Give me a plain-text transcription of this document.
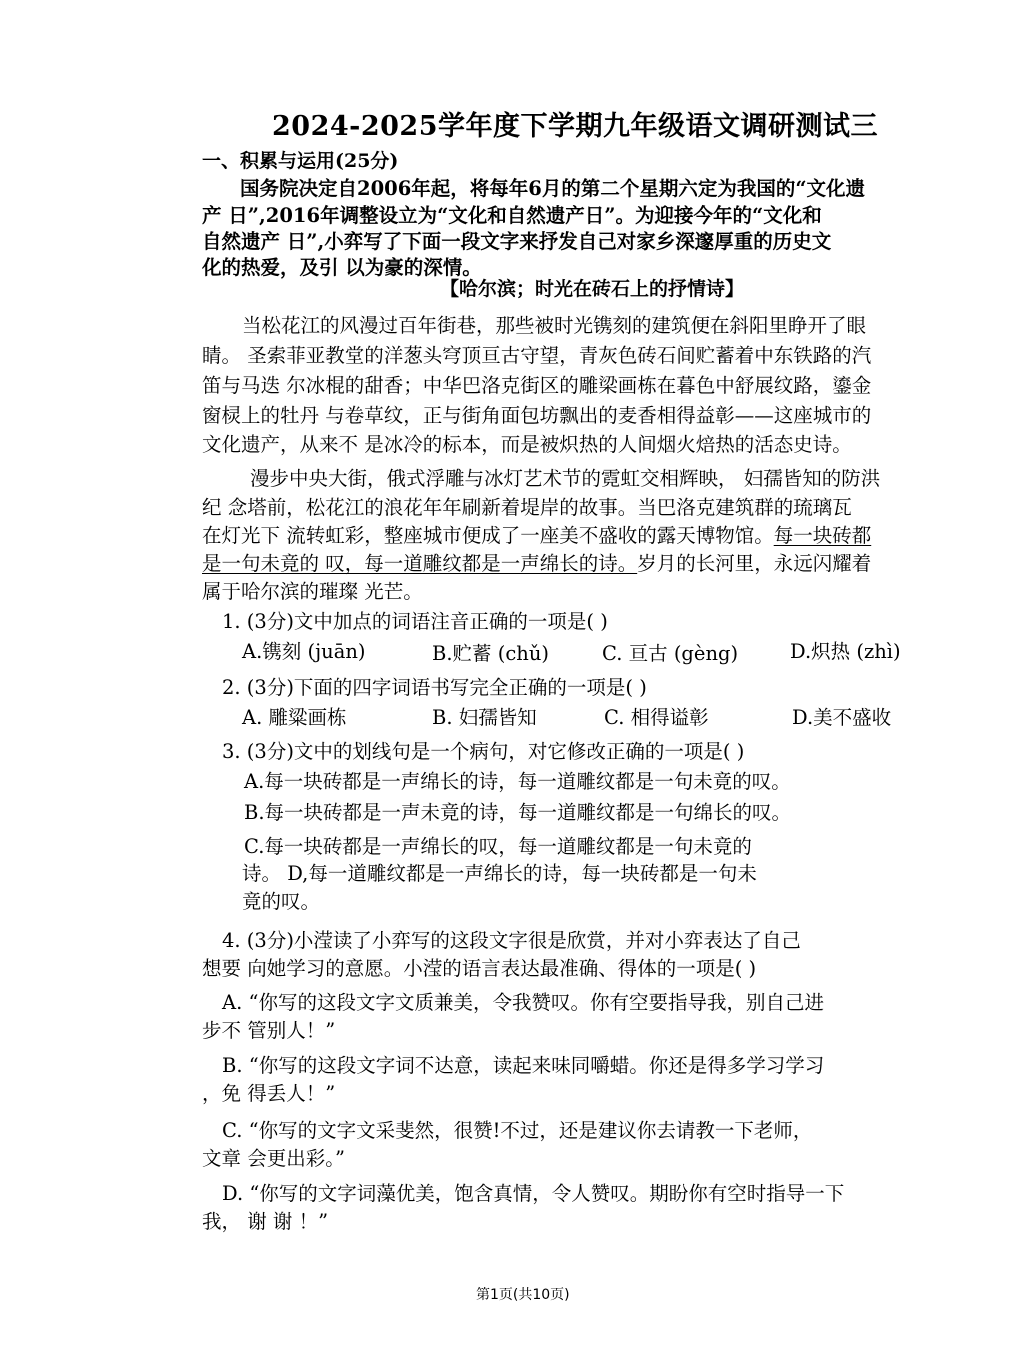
2024-2025学年度下学期九年级语文调研测试三
一、积累与运用(25分)
国务院决定自2006年起，将每年6月的第二个星期六定为我国的“文化遗
产 日”,2016年调整设立为“文化和自然遗产日”。为迎接今年的“文化和
自然遗产 日”,小弈写了下面一段文字来抒发自己对家乡深邃厚重的历史文
化的热爱，及引 以为豪的深情。
【哈尔滨；时光在砖石上的抒情诗】
当松花江的风漫过百年街巷，那些被时光镌刻的建筑便在斜阳里睁开了眼
睛。 圣索菲亚教堂的洋葱头穹顶亘古守望，青灰色砖石间贮蓄着中东铁路的汽
笛与马迭 尔冰棍的甜香；中华巴洛克街区的雕梁画栋在暮色中舒展纹路，鎏金
窗棂上的牡丹 与卷草纹，正与街角面包坊飘出的麦香相得益彰——这座城市的
文化遗产，从来不 是冰冷的标本，而是被炽热的人间烟火焙热的活态史诗。
漫步中央大街，俄式浮雕与冰灯艺术节的霓虹交相辉映， 妇孺皆知的防洪
纪 念塔前，松花江的浪花年年刷新着堤岸的故事。当巴洛克建筑群的琉璃瓦
在灯光下 流转虹彩，整座城市便成了一座美不盛收的露天博物馆。每一块砖都
是一句未竟的 叹，每一道雕纹都是一声绵长的诗。岁月的长河里，永远闪耀着
属于哈尔滨的璀璨 光芒。
1. (3分)文中加点的词语注音正确的一项是( )
A.镌刻 (juān)	B.贮蓄 (chǔ)	C. 亘古 (gèng)	D.炽热 (zhì)
2. (3分)下面的四字词语书写完全正确的一项是( )
A. 雕粱画栋	B. 妇孺皆知	C. 相得谥彰	D.美不盛收
3. (3分)文中的划线句是一个病句，对它修改正确的一项是( )
A.每一块砖都是一声绵长的诗，每一道雕纹都是一句未竟的叹。
B.每一块砖都是一声未竟的诗，每一道雕纹都是一句绵长的叹。
C.每一块砖都是一声绵长的叹，每一道雕纹都是一句未竟的
诗。 D,每一道雕纹都是一声绵长的诗，每一块砖都是一句未
竟的叹。
4. (3分)小滢读了小弈写的这段文字很是欣赏，并对小弈表达了自己
想要 向她学习的意愿。小滢的语言表达最准确、得体的一项是( )
A. “你写的这段文字文质兼美，令我赞叹。你有空要指导我，别自己进
步不 管别人！”
B. “你写的这段文字词不达意，读起来味同嚼蜡。你还是得多学习学习
，免 得丢人！”
C. “你写的文字文采斐然，很赞!不过，还是建议你去请教一下老师，
文章 会更出彩。”
D. “你写的文字词藻优美，饱含真情，令人赞叹。期盼你有空时指导一下
我， 谢 谢 ！”
第1页(共10页)
